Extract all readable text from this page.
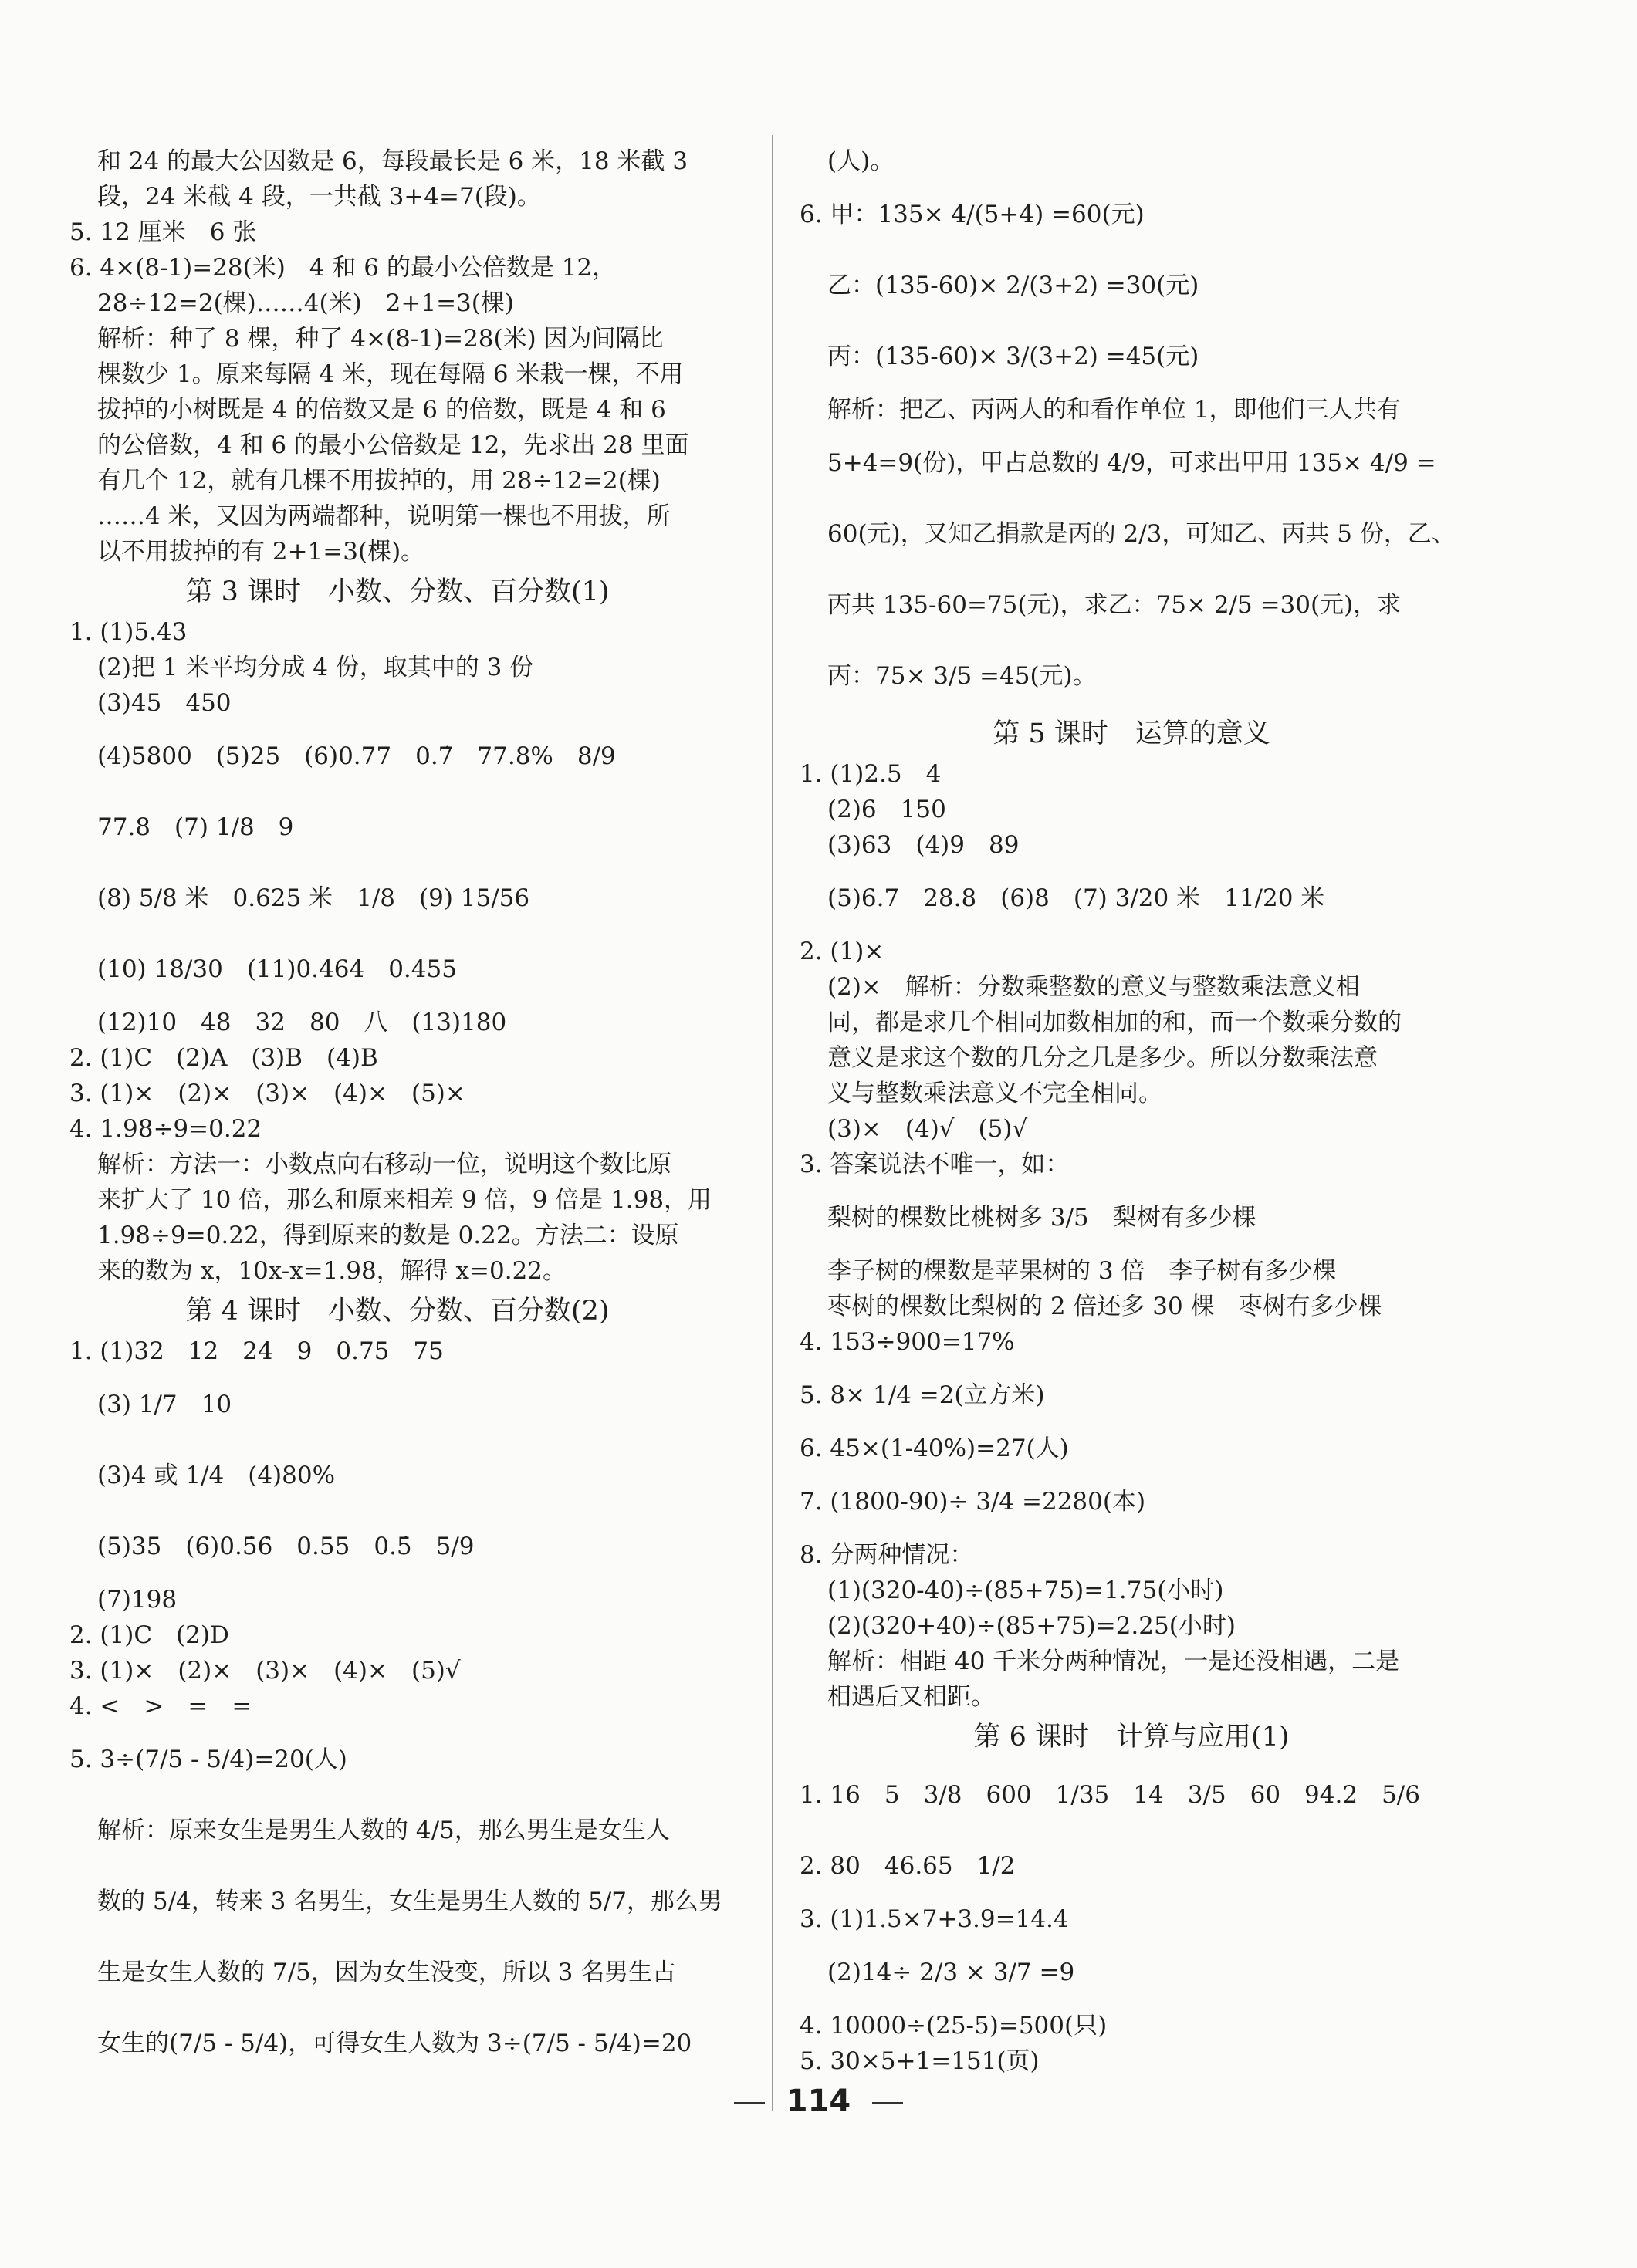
和 24 的最大公因数是 6，每段最长是 6 米，18 米截 3
段，24 米截 4 段，一共截 3+4=7(段)。
5. 12 厘米　6 张
6. 4×(8-1)=28(米)　4 和 6 的最小公倍数是 12，
28÷12=2(棵)……4(米)　2+1=3(棵)
解析：种了 8 棵，种了 4×(8-1)=28(米) 因为间隔比
棵数少 1。原来每隔 4 米，现在每隔 6 米栽一棵，不用
拔掉的小树既是 4 的倍数又是 6 的倍数，既是 4 和 6
的公倍数，4 和 6 的最小公倍数是 12，先求出 28 里面
有几个 12，就有几棵不用拔掉的，用 28÷12=2(棵)
……4 米，又因为两端都种，说明第一棵也不用拔，所
以不用拔掉的有 2+1=3(棵)。
第 3 课时　小数、分数、百分数(1)
1. (1)5.43
(2)把 1 米平均分成 4 份，取其中的 3 份
(3)45　450
(4)5800　(5)25　(6)0.77　0.7̇　77.8%　8/9
77.8　(7) 1/8　9
(8) 5/8 米　0.625 米　1/8　(9) 15/56
(10) 18/30　(11)0.464　0.455
(12)10　48　32　80　八　(13)180
2. (1)C　(2)A　(3)B　(4)B
3. (1)×　(2)×　(3)×　(4)×　(5)×
4. 1.98÷9=0.22
解析：方法一：小数点向右移动一位，说明这个数比原
来扩大了 10 倍，那么和原来相差 9 倍，9 倍是 1.98，用
1.98÷9=0.22，得到原来的数是 0.22。方法二：设原
来的数为 x，10x-x=1.98，解得 x=0.22。
第 4 课时　小数、分数、百分数(2)
1. (1)32　12　24　9　0.75　75
(3) 1/7　10
(3)4 或 1/4　(4)80%
(5)35　(6)0.5̇6̇　0.55　0.5̇　5/9
(7)198
2. (1)C　(2)D
3. (1)×　(2)×　(3)×　(4)×　(5)√
4. <　>　=　=
5. 3÷(7/5 - 5/4)=20(人)
解析：原来女生是男生人数的 4/5，那么男生是女生人
数的 5/4，转来 3 名男生，女生是男生人数的 5/7，那么男
生是女生人数的 7/5，因为女生没变，所以 3 名男生占
女生的(7/5 - 5/4)，可得女生人数为 3÷(7/5 - 5/4)=20
(人)。
6. 甲：135× 4/(5+4) =60(元)
乙：(135-60)× 2/(3+2) =30(元)
丙：(135-60)× 3/(3+2) =45(元)
解析：把乙、丙两人的和看作单位 1，即他们三人共有
5+4=9(份)，甲占总数的 4/9，可求出甲用 135× 4/9 =
60(元)，又知乙捐款是丙的 2/3，可知乙、丙共 5 份，乙、
丙共 135-60=75(元)，求乙：75× 2/5 =30(元)，求
丙：75× 3/5 =45(元)。
第 5 课时　运算的意义
1. (1)2.5　4
(2)6　150
(3)63　(4)9　89
(5)6.7　28.8　(6)8　(7) 3/20 米　11/20 米
2. (1)×
(2)×　解析：分数乘整数的意义与整数乘法意义相
同，都是求几个相同加数相加的和，而一个数乘分数的
意义是求这个数的几分之几是多少。所以分数乘法意
义与整数乘法意义不完全相同。
(3)×　(4)√　(5)√
3. 答案说法不唯一，如：
梨树的棵数比桃树多 3/5　梨树有多少棵
李子树的棵数是苹果树的 3 倍　李子树有多少棵
枣树的棵数比梨树的 2 倍还多 30 棵　枣树有多少棵
4. 153÷900=17%
5. 8× 1/4 =2(立方米)
6. 45×(1-40%)=27(人)
7. (1800-90)÷ 3/4 =2280(本)
8. 分两种情况：
(1)(320-40)÷(85+75)=1.75(小时)
(2)(320+40)÷(85+75)=2.25(小时)
解析：相距 40 千米分两种情况，一是还没相遇，二是
相遇后又相距。
第 6 课时　计算与应用(1)
1. 16　5　3/8　600　1/35　14　3/5　60　94.2　5/6
2. 80　46.65　1/2
3. (1)1.5×7+3.9=14.4
(2)14÷ 2/3 × 3/7 =9
4. 10000÷(25-5)=500(只)
5. 30×5+1=151(页)
114
